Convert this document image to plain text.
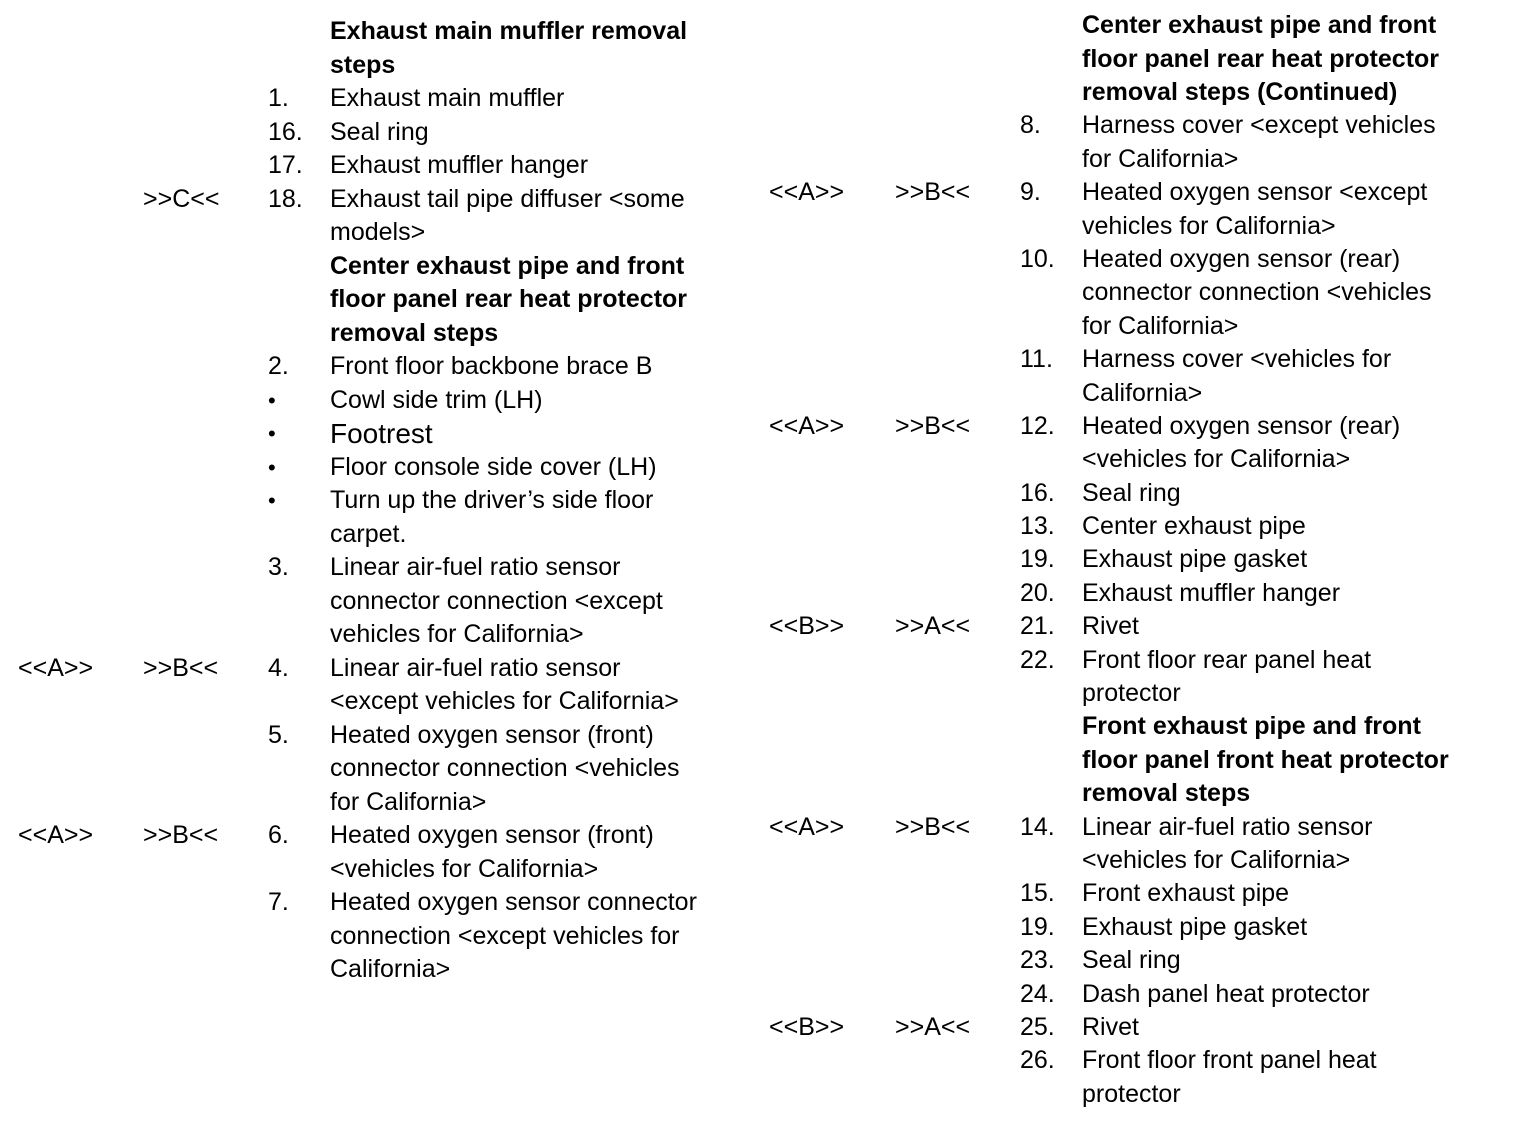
Exhaust main muffler removal
steps
1. Exhaust main muffler
16. Seal ring
17. Exhaust muffler hanger
>>C<< 18. Exhaust tail pipe diffuser <some
models>
Center exhaust pipe and front
floor panel rear heat protector
removal steps
2. Front floor backbone brace B
•
Cowl side trim (LH)
•
Footrest
•
Floor console side cover (LH)
•
Turn up the driver’s side floor
carpet.
3. Linear air-fuel ratio sensor
connector connection <except
vehicles for California>
<<A>> >>B<< 4. Linear air-fuel ratio sensor
<except vehicles for California>
5. Heated oxygen sensor (front)
connector connection <vehicles
for California>
<<A>> >>B<< 6. Heated oxygen sensor (front)
<vehicles for California>
7. Heated oxygen sensor connector
connection <except vehicles for
California>
Center exhaust pipe and front
floor panel rear heat protector
removal steps (Continued)
8. Harness cover <except vehicles
for California>
<<A>> >>B<< 9. Heated oxygen sensor <except
vehicles for California>
10. Heated oxygen sensor (rear)
connector connection <vehicles
for California>
11. Harness cover <vehicles for
California>
<<A>> >>B<< 12. Heated oxygen sensor (rear)
<vehicles for California>
16. Seal ring
13. Center exhaust pipe
19. Exhaust pipe gasket
20. Exhaust muffler hanger
<<B>> >>A<< 21. Rivet
22. Front floor rear panel heat
protector
Front exhaust pipe and front
floor panel front heat protector
removal steps
<<A>> >>B<< 14. Linear air-fuel ratio sensor
<vehicles for California>
15. Front exhaust pipe
19. Exhaust pipe gasket
23. Seal ring
24. Dash panel heat protector
<<B>> >>A<< 25. Rivet
26. Front floor front panel heat
protector
